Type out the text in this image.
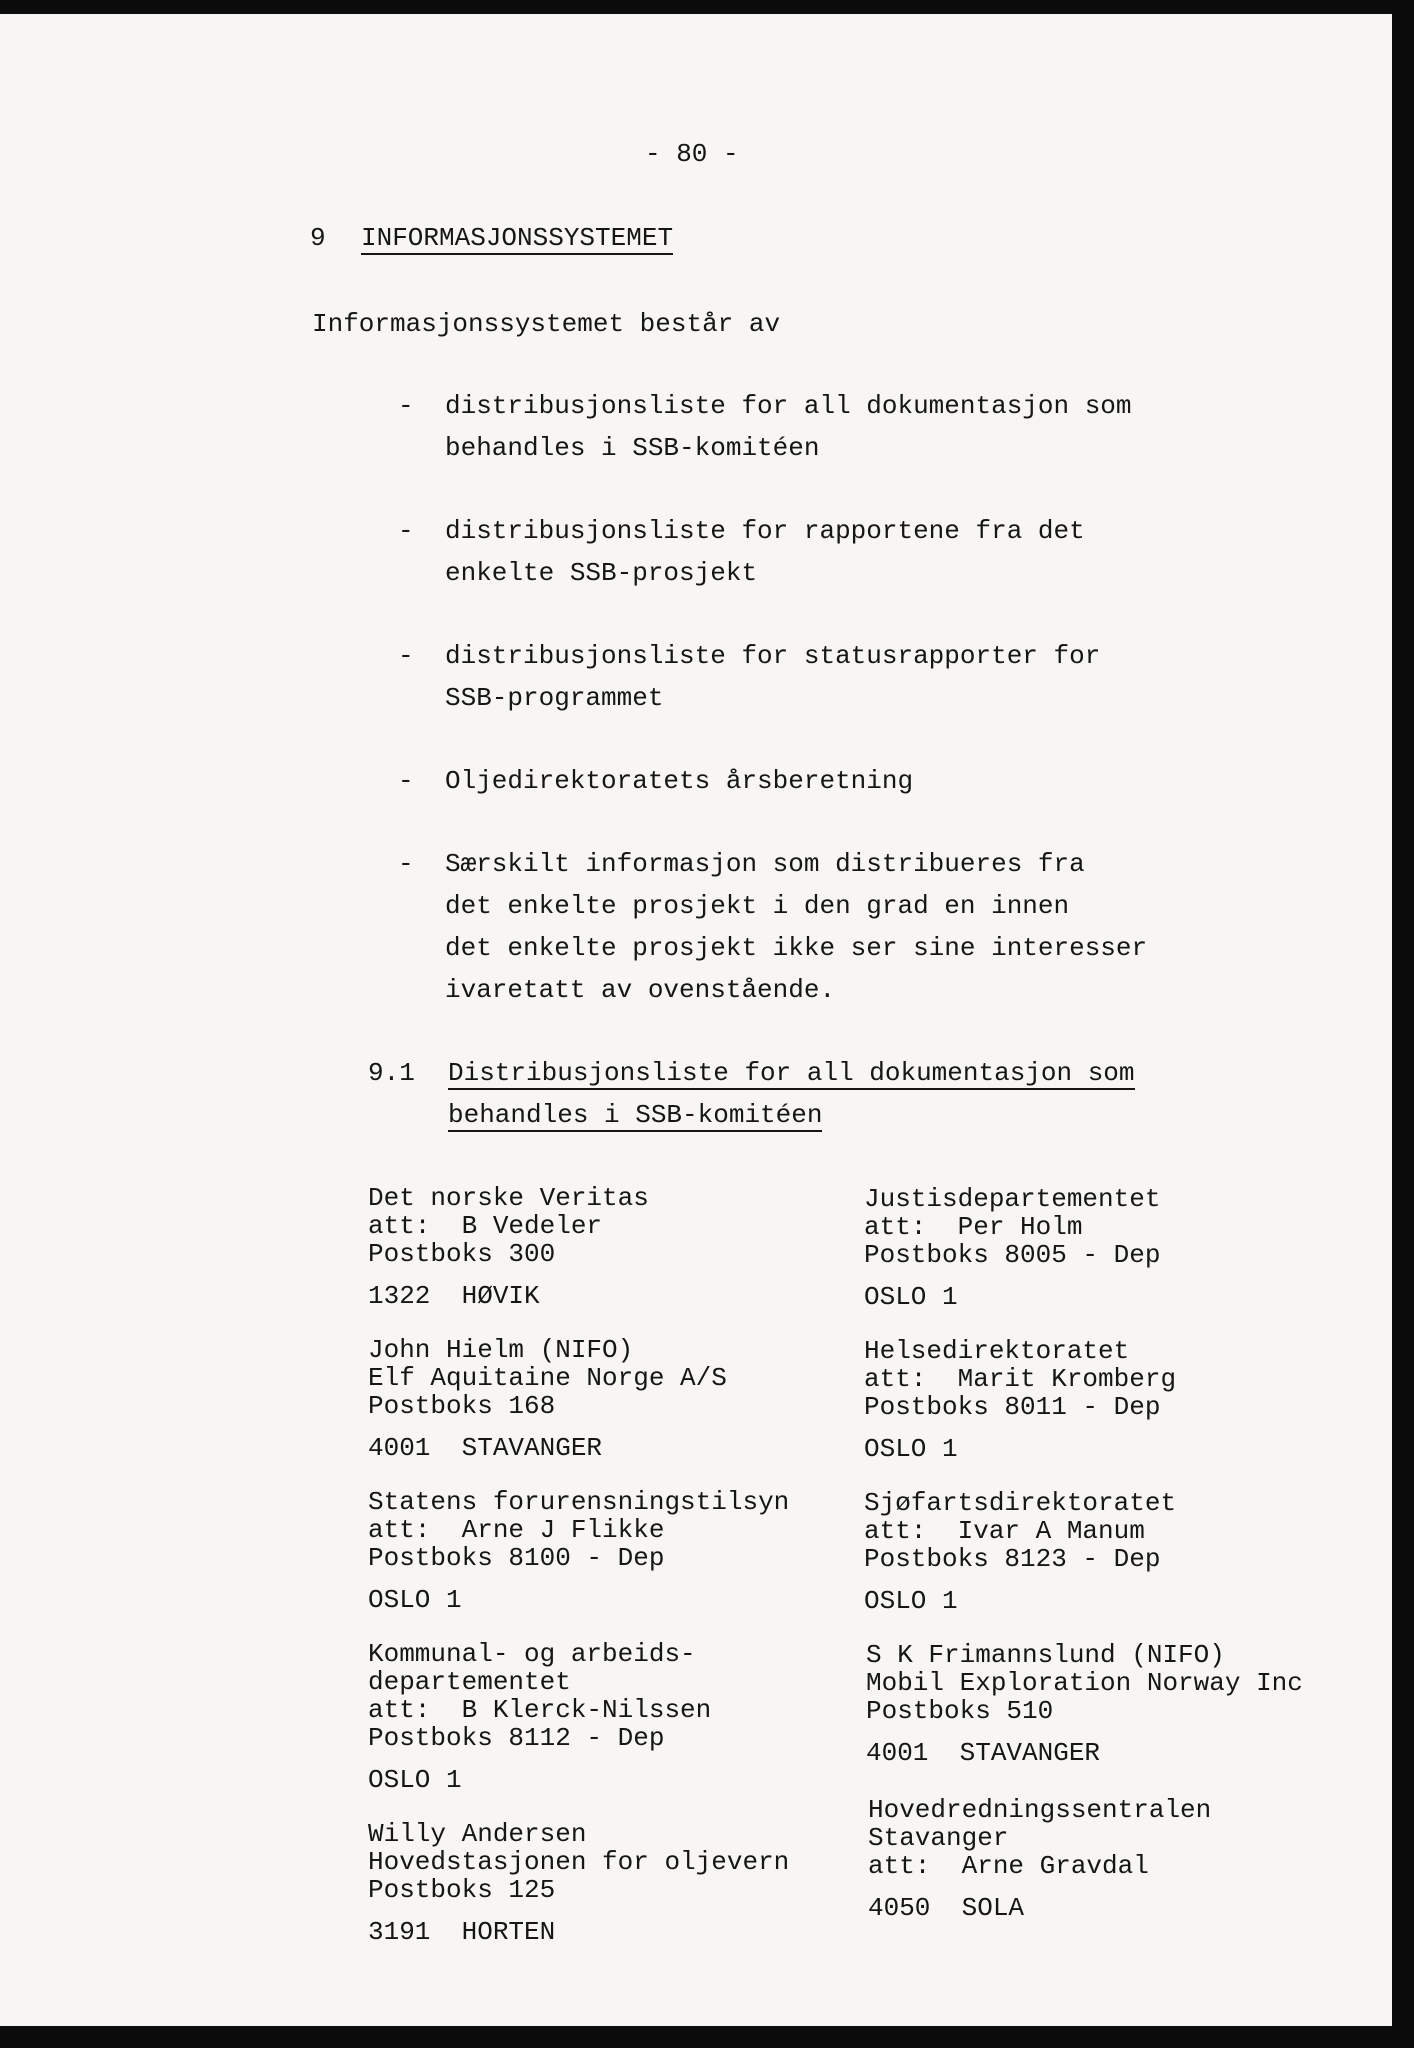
- 80 -
9 INFORMASJONSSYSTEMET
Informasjonssystemet består av
- distribusjonsliste for all dokumentasjon som
behandles i SSB-komitéen
- distribusjonsliste for rapportene fra det
enkelte SSB-prosjekt
- distribusjonsliste for statusrapporter for
SSB-programmet
- Oljedirektoratets årsberetning
- Særskilt informasjon som distribueres fra
det enkelte prosjekt i den grad en innen
det enkelte prosjekt ikke ser sine interesser
ivaretatt av ovenstående.
9.1 Distribusjonsliste for all dokumentasjon som
behandles i SSB-komitéen
Det norske Veritas
att:  B Vedeler
Postboks 300
1322  HØVIK
John Hielm (NIFO)
Elf Aquitaine Norge A/S
Postboks 168
4001  STAVANGER
Statens forurensningstilsyn
att:  Arne J Flikke
Postboks 8100 - Dep
OSLO 1
Kommunal- og arbeids-
departementet
att:  B Klerck-Nilssen
Postboks 8112 - Dep
OSLO 1
Willy Andersen
Hovedstasjonen for oljevern
Postboks 125
3191  HORTEN
Justisdepartementet
att:  Per Holm
Postboks 8005 - Dep
OSLO 1
Helsedirektoratet
att:  Marit Kromberg
Postboks 8011 - Dep
OSLO 1
Sjøfartsdirektoratet
att:  Ivar A Manum
Postboks 8123 - Dep
OSLO 1
S K Frimannslund (NIFO)
Mobil Exploration Norway Inc
Postboks 510
4001  STAVANGER
Hovedredningssentralen
Stavanger
att:  Arne Gravdal
4050  SOLA
